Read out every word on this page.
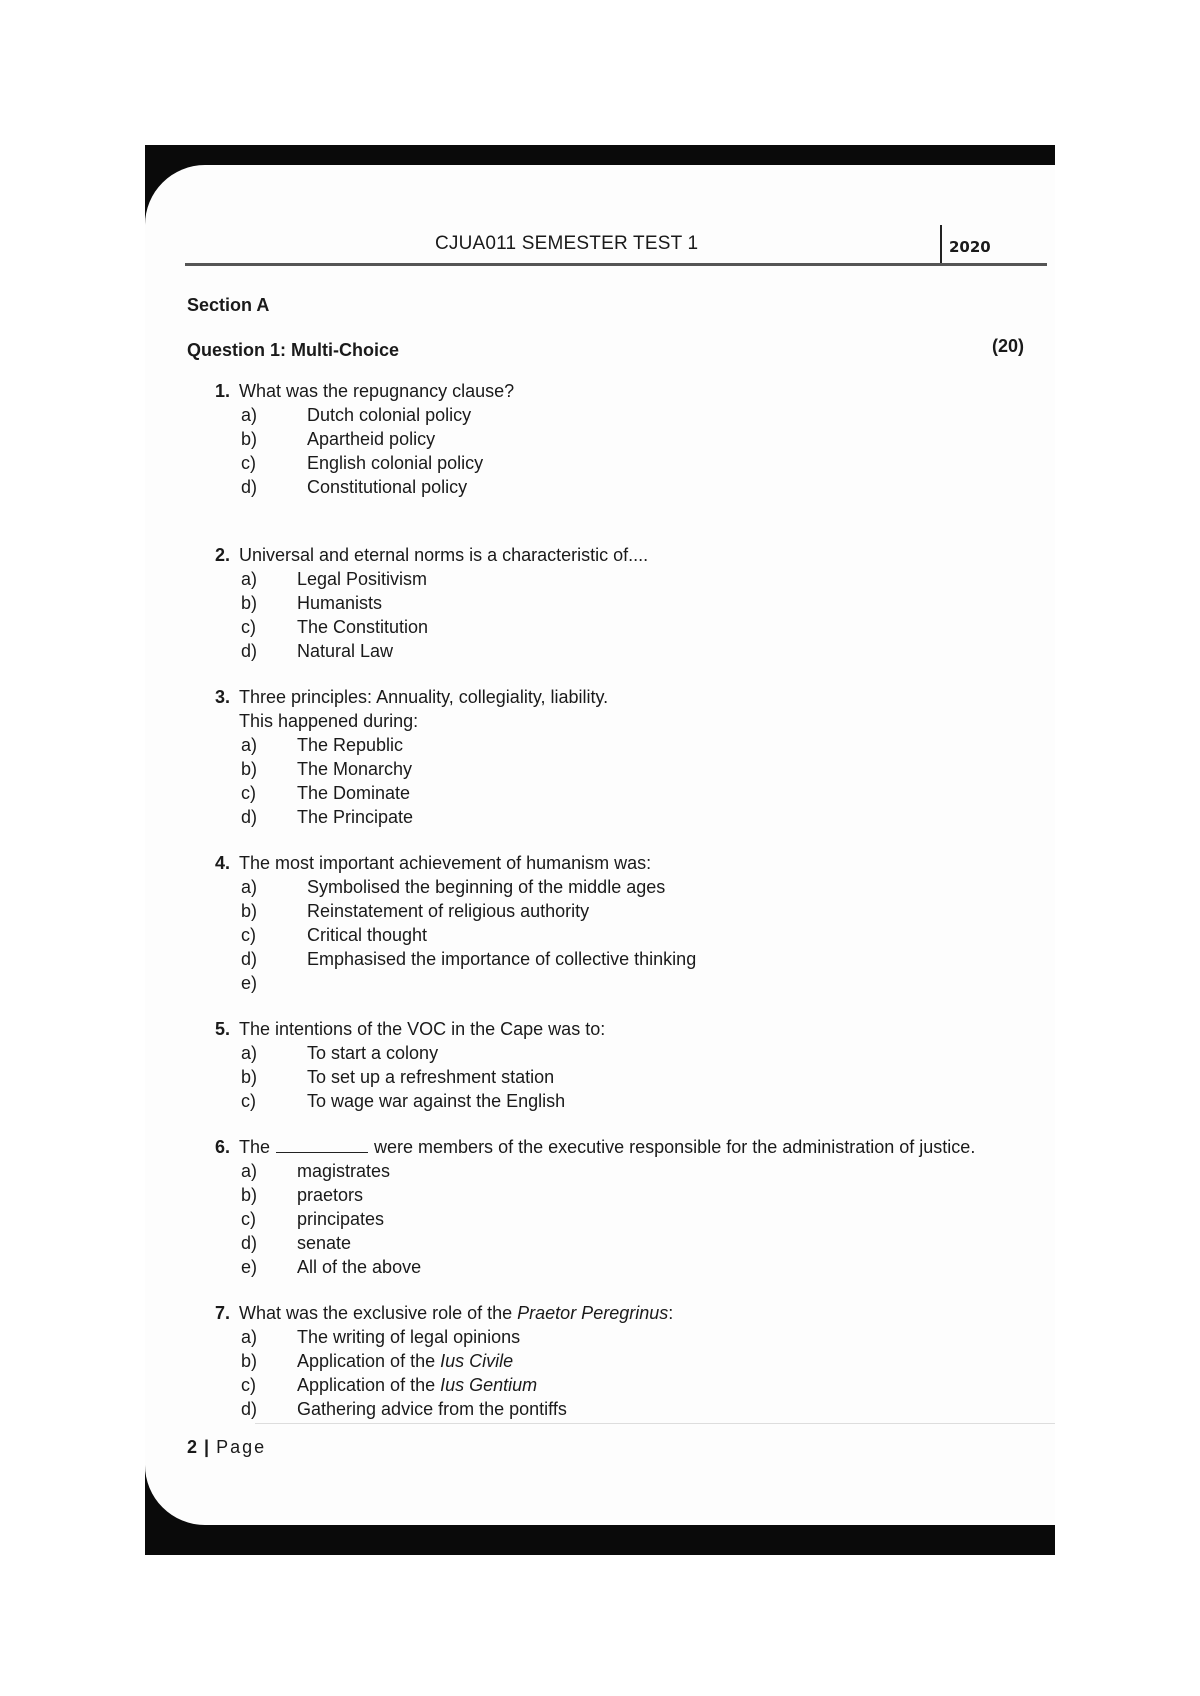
CJUA011 SEMESTER TEST 1	2020
Section A
Question 1: Multi-Choice	(20)
1. What was the repugnancy clause?
a)	Dutch colonial policy
b)	Apartheid policy
c)	English colonial policy
d)	Constitutional policy
2. Universal and eternal norms is a characteristic of....
a) Legal Positivism
b) Humanists
c) The Constitution
d) Natural Law
3. Three principles: Annuality, collegiality, liability.
This happened during:
a) The Republic
b) The Monarchy
c) The Dominate
d) The Principate
4. The most important achievement of humanism was:
a)	Symbolised the beginning of the middle ages
b)	Reinstatement of religious authority
c)	Critical thought
d)	Emphasised the importance of collective thinking
e)
5. The intentions of the VOC in the Cape was to:
a)	To start a colony
b)	To set up a refreshment station
c)	To wage war against the English
6. The	were members of the executive responsible for the administration of justice.
a) magistrates
b) praetors
c) principates
d) senate
e) All of the above
7. What was the exclusive role of the Praetor Peregrinus:
a) The writing of legal opinions
b) Application of the Ius Civile
c) Application of the Ius Gentium
d) Gathering advice from the pontiffs
2 | Page
